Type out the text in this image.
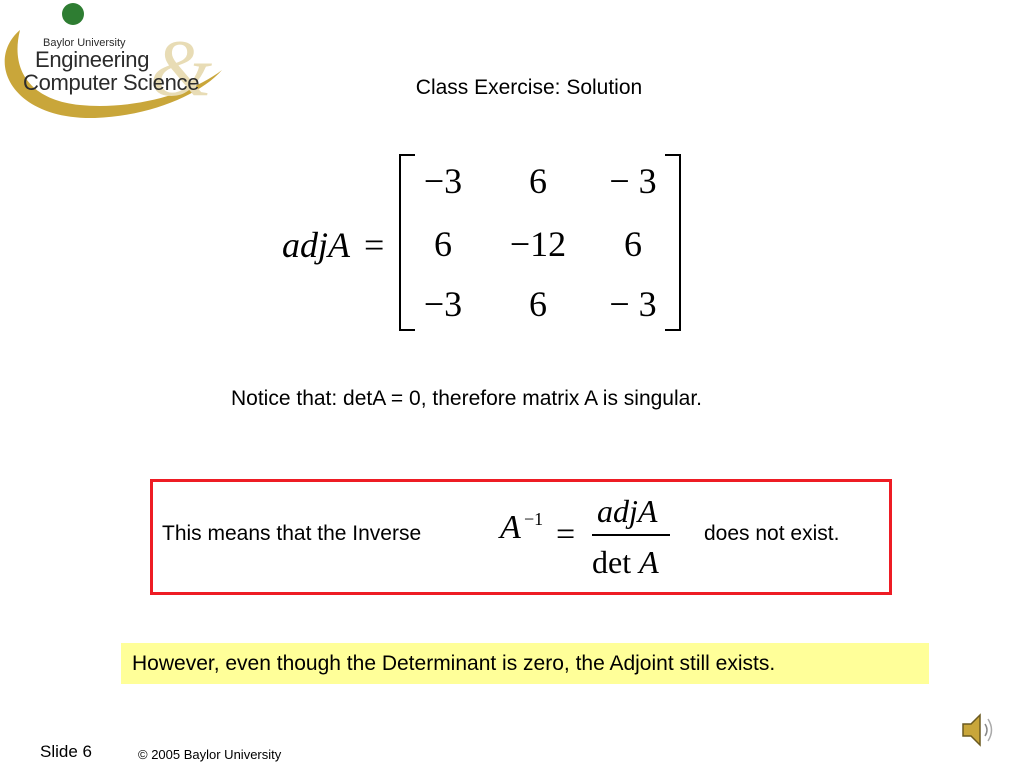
&
Baylor University
Engineering
Computer Science	Class Exercise: Solution
adjA =
−3	6	− 3
6	−12	6
−3	6	− 3
Notice that: detA = 0, therefore matrix A is singular.
This means that the Inverse A −1 =
adjA
det A
does not exist.
However, even though the Determinant is zero, the Adjoint still exists.
Slide 6	© 2005 Baylor University
